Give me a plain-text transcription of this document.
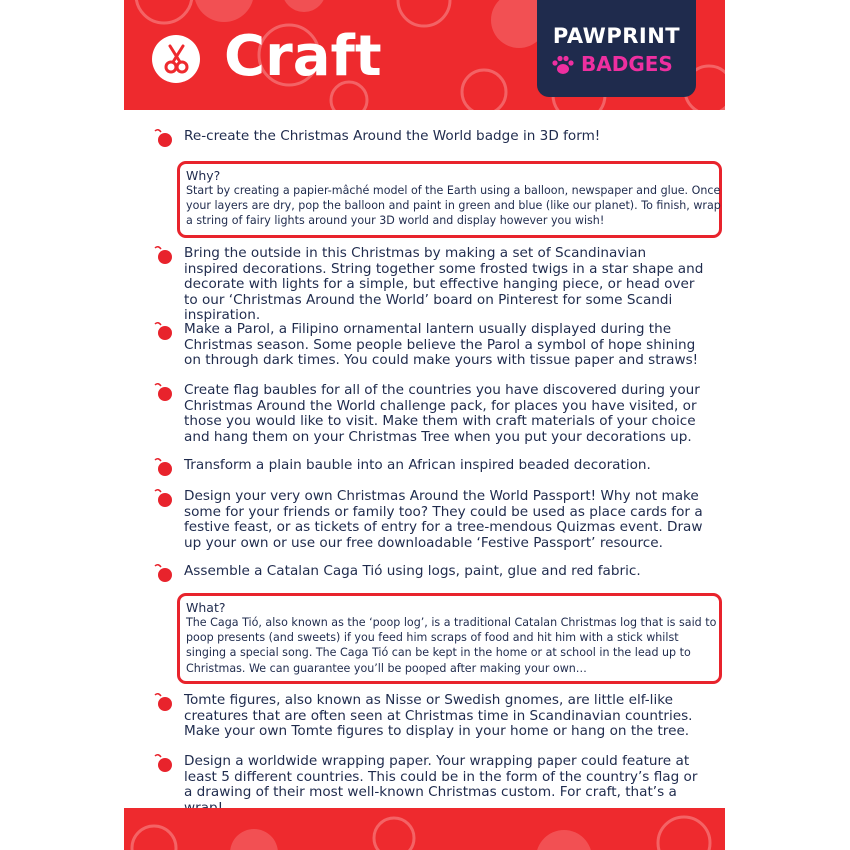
Craft	PAWPRINT
BADGES
Re-create the Christmas Around the World badge in 3D form!
Why?
Start by creating a papier-mâché model of the Earth using a balloon, newspaper and glue. Once your layers are dry, pop the balloon and paint in green and blue (like our planet). To finish, wrap a string of fairy lights around your 3D world and display however you wish!
Bring the outside in this Christmas by making a set of Scandinavian inspired decorations. String together some frosted twigs in a star shape and decorate with lights for a simple, but effective hanging piece, or head over to our ‘Christmas Around the World’ board on Pinterest for some Scandi inspiration.
Make a Parol, a Filipino ornamental lantern usually displayed during the Christmas season. Some people believe the Parol a symbol of hope shining on through dark times. You could make yours with tissue paper and straws!
Create flag baubles for all of the countries you have discovered during your Christmas Around the World challenge pack, for places you have visited, or those you would like to visit. Make them with craft materials of your choice and hang them on your Christmas Tree when you put your decorations up.
Transform a plain bauble into an African inspired beaded decoration.
Design your very own Christmas Around the World Passport! Why not make some for your friends or family too? They could be used as place cards for a festive feast, or as tickets of entry for a tree-mendous Quizmas event. Draw up your own or use our free downloadable ‘Festive Passport’ resource.
Assemble a Catalan Caga Tió using logs, paint, glue and red fabric.
What?
The Caga Tió, also known as the ‘poop log’, is a traditional Catalan Christmas log that is said to poop presents (and sweets) if you feed him scraps of food and hit him with a stick whilst singing a special song. The Caga Tió can be kept in the home or at school in the lead up to Christmas. We can guarantee you’ll be pooped after making your own…
Tomte figures, also known as Nisse or Swedish gnomes, are little elf-like creatures that are often seen at Christmas time in Scandinavian countries. Make your own Tomte figures to display in your home or hang on the tree.
Design a worldwide wrapping paper. Your wrapping paper could feature at least 5 different countries. This could be in the form of the country’s flag or a drawing of their most well-known Christmas custom. For craft, that’s a
